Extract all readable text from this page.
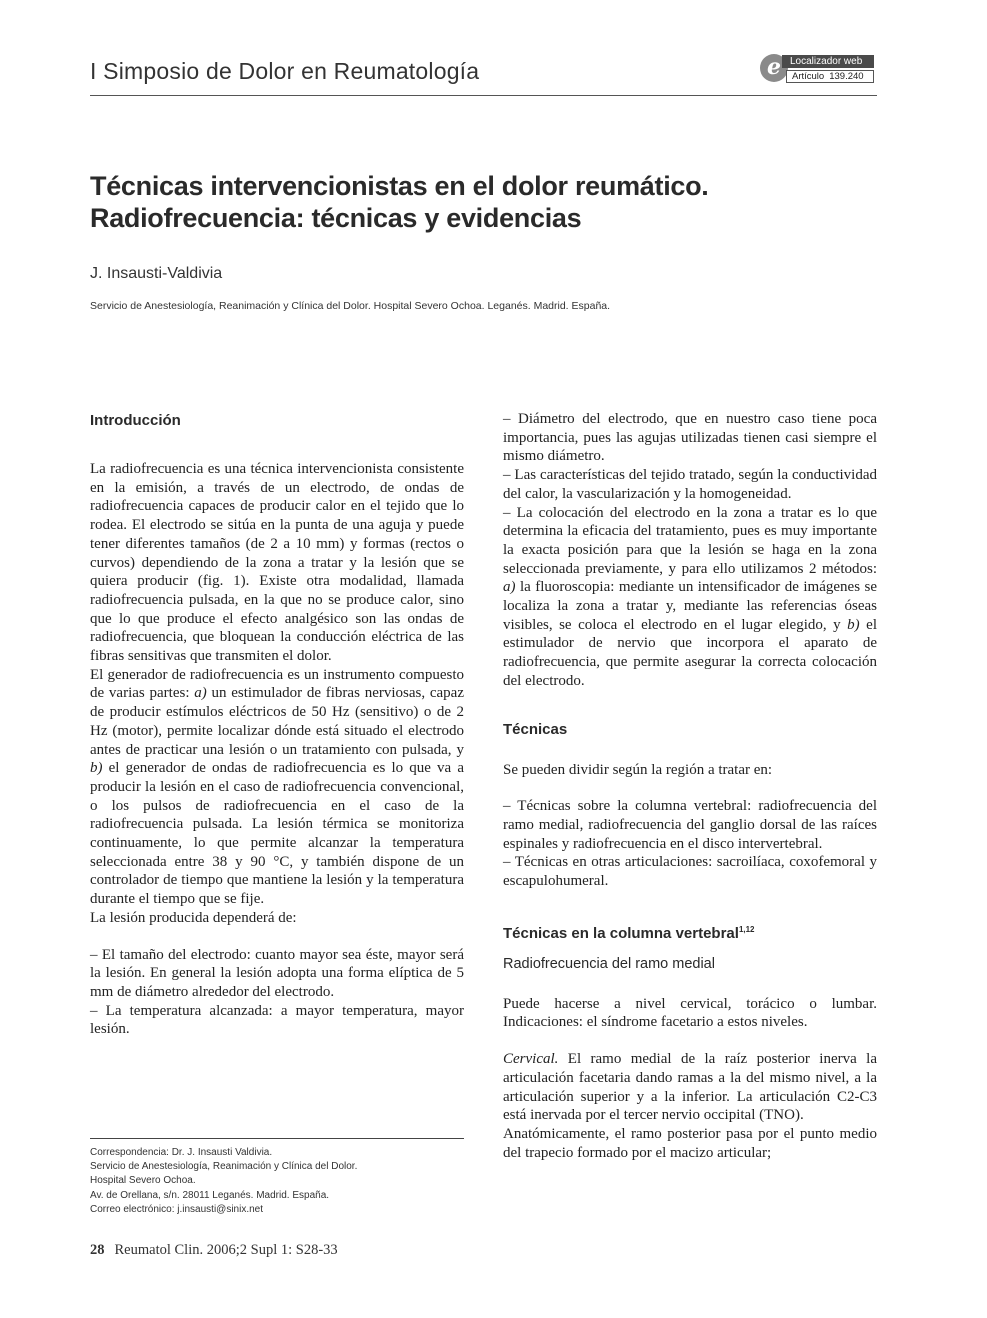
I Simposio de Dolor en Reumatología	e Localizador web
Artículo 139.240
Técnicas intervencionistas en el dolor reumático.
Radiofrecuencia: técnicas y evidencias
J. Insausti-Valdivia
Servicio de Anestesiología, Reanimación y Clínica del Dolor. Hospital Severo Ochoa. Leganés. Madrid. España.
Introducción

La radiofrecuencia es una técnica intervencionista consistente en la emisión, a través de un electrodo, de ondas de radiofrecuencia capaces de producir calor en el tejido que lo rodea. El electrodo se sitúa en la punta de una aguja y puede tener diferentes tamaños (de 2 a 10 mm) y formas (rectos o curvos) dependiendo de la zona a tratar y la lesión que se quiera producir (fig. 1). Existe otra modalidad, llamada radiofrecuencia pulsada, en la que no se produce calor, sino que lo que produce el efecto analgésico son las ondas de radiofrecuencia, que bloquean la conducción eléctrica de las fibras sensitivas que transmiten el dolor.

El generador de radiofrecuencia es un instrumento compuesto de varias partes: a) un estimulador de fibras nerviosas, capaz de producir estímulos eléctricos de 50 Hz (sensitivo) o de 2 Hz (motor), permite localizar dónde está situado el electrodo antes de practicar una lesión o un tratamiento con pulsada, y b) el generador de ondas de radiofrecuencia es lo que va a producir la lesión en el caso de radiofrecuencia convencional, o los pulsos de radiofrecuencia en el caso de la radiofrecuencia pulsada. La lesión térmica se monitoriza continuamente, lo que permite alcanzar la temperatura seleccionada entre 38 y 90 °C, y también dispone de un controlador de tiempo que mantiene la lesión y la temperatura durante el tiempo que se fije.

La lesión producida dependerá de:

– El tamaño del electrodo: cuanto mayor sea éste, mayor será la lesión. En general la lesión adopta una forma elíptica de 5 mm de diámetro alrededor del electrodo.

– La temperatura alcanzada: a mayor temperatura, mayor lesión.

– Diámetro del electrodo, que en nuestro caso tiene poca importancia, pues las agujas utilizadas tienen casi siempre el mismo diámetro.

– Las características del tejido tratado, según la conductividad del calor, la vascularización y la homogeneidad.

– La colocación del electrodo en la zona a tratar es lo que determina la eficacia del tratamiento, pues es muy importante la exacta posición para que la lesión se haga en la zona seleccionada previamente, y para ello utilizamos 2 métodos: a) la fluoroscopia: mediante un intensificador de imágenes se localiza la zona a tratar y, mediante las referencias óseas visibles, se coloca el electrodo en el lugar elegido, y b) el estimulador de nervio que incorpora el aparato de radiofrecuencia, que permite asegurar la correcta colocación del electrodo.

Técnicas

Se pueden dividir según la región a tratar en:

– Técnicas sobre la columna vertebral: radiofrecuencia del ramo medial, radiofrecuencia del ganglio dorsal de las raíces espinales y radiofrecuencia en el disco intervertebral.

– Técnicas en otras articulaciones: sacroilíaca, coxofemoral y escapulohumeral.

Técnicas en la columna vertebral$^{1,12}$
Radiofrecuencia del ramo medial

Puede hacerse a nivel cervical, torácico o lumbar. Indicaciones: el síndrome facetario a estos niveles.

Cervical. El ramo medial de la raíz posterior inerva la articulación facetaria dando ramas a la del mismo nivel, a la articulación superior y a la inferior. La articulación C2-C3 está inervada por el tercer nervio occipital (TNO).

Anatómicamente, el ramo posterior pasa por el punto medio del trapecio formado por el macizo articular;

Correspondencia: Dr. J. Insausti Valdivia.
Servicio de Anestesiología, Reanimación y Clínica del Dolor.
Hospital Severo Ochoa.
Av. de Orellana, s/n. 28011 Leganés. Madrid. España.
Correo electrónico: j.insausti@sinix.net
28 Reumatol Clin. 2006;2 Supl 1: S28-33
